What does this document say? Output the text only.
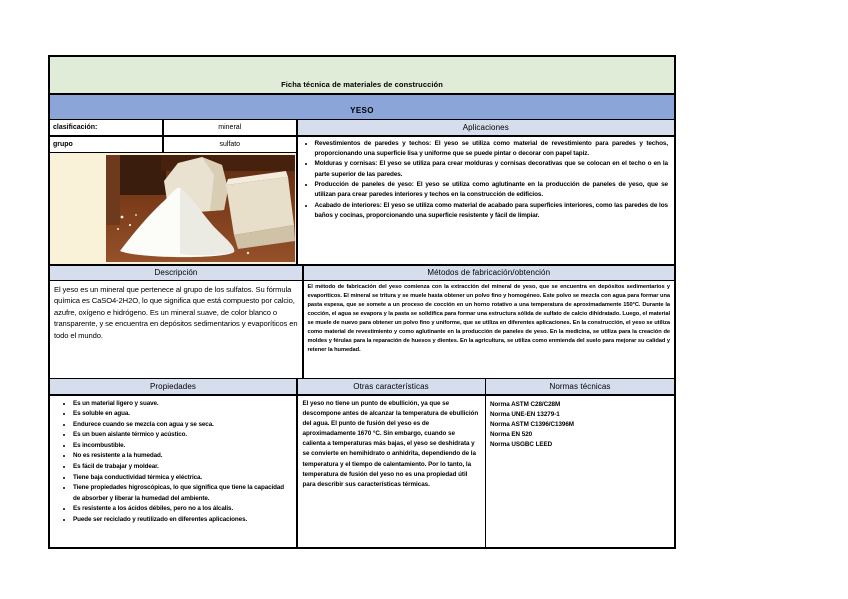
Ficha técnica de materiales de construcción
YESO
clasificación:	mineral
grupo	sulfato
Aplicaciones
• Revestimientos de paredes y techos: El yeso se utiliza como material de revestimiento para paredes y techos, proporcionando una superficie lisa y uniforme que se puede pintar o decorar con papel tapiz.
• Molduras y cornisas: El yeso se utiliza para crear molduras y cornisas decorativas que se colocan en el techo o en la parte superior de las paredes.
• Producción de paneles de yeso: El yeso se utiliza como aglutinante en la producción de paneles de yeso, que se utilizan para crear paredes interiores y techos en la construcción de edificios.
• Acabado de interiores: El yeso se utiliza como material de acabado para superficies interiores, como las paredes de los baños y cocinas, proporcionando una superficie resistente y fácil de limpiar.
Descripción
El yeso es un mineral que pertenece al grupo de los sulfatos. Su fórmula química es CaSO4-2H2O, lo que significa que está compuesto por calcio, azufre, oxígeno e hidrógeno. Es un mineral suave, de color blanco o transparente, y se encuentra en depósitos sedimentarios y evaporíticos en todo el mundo.
Métodos de fabricación/obtención
El método de fabricación del yeso comienza con la extracción del mineral de yeso, que se encuentra en depósitos sedimentarios y evaporíticos. El mineral se tritura y se muele hasta obtener un polvo fino y homogéneo. Este polvo se mezcla con agua para formar una pasta espesa, que se somete a un proceso de cocción en un horno rotativo a una temperatura de aproximadamente 150°C. Durante la cocción, el agua se evapora y la pasta se solidifica para formar una estructura sólida de sulfato de calcio dihidratado. Luego, el material se muele de nuevo para obtener un polvo fino y uniforme, que se utiliza en diferentes aplicaciones. En la construcción, el yeso se utiliza como material de revestimiento y como aglutinante en la producción de paneles de yeso. En la medicina, se utiliza para la creación de moldes y férulas para la reparación de huesos y dientes. En la agricultura, se utiliza como enmienda del suelo para mejorar su calidad y retener la humedad.
Propiedades
• Es un material ligero y suave.
• Es soluble en agua.
• Endurece cuando se mezcla con agua y se seca.
• Es un buen aislante térmico y acústico.
• Es incombustible.
• No es resistente a la humedad.
• Es fácil de trabajar y moldear.
• Tiene baja conductividad térmica y eléctrica.
• Tiene propiedades higroscópicas, lo que significa que tiene la capacidad de absorber y liberar la humedad del ambiente.
• Es resistente a los ácidos débiles, pero no a los álcalis.
• Puede ser reciclado y reutilizado en diferentes aplicaciones.
Otras características
El yeso no tiene un punto de ebullición, ya que se descompone antes de alcanzar la temperatura de ebullición del agua. El punto de fusión del yeso es de aproximadamente 1670 °C. Sin embargo, cuando se calienta a temperaturas más bajas, el yeso se deshidrata y se convierte en hemihidrato o anhidrita, dependiendo de la temperatura y el tiempo de calentamiento. Por lo tanto, la temperatura de fusión del yeso no es una propiedad útil para describir sus características térmicas.
Normas técnicas
Norma ASTM C28/C28M
Norma UNE-EN 13279-1
Norma ASTM C1396/C1396M
Norma EN 520
Norma USGBC LEED
